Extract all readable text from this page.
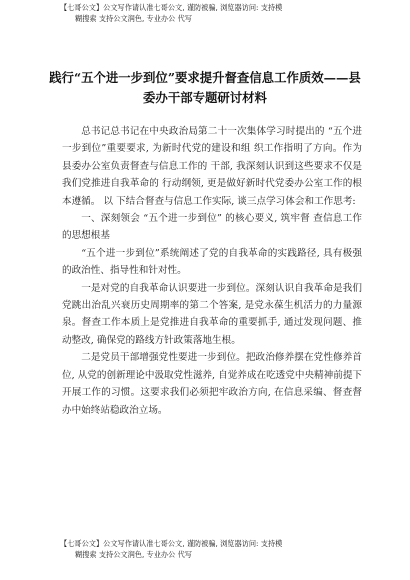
【七哥公文】公文写作请认准七哥公文, 谨防被骗, 浏览器访问: 支持模
糊搜索 支持公文润色, 专业办公 代写
践行“五个进一步到位”要求提升督查信息工作质效——县
委办干部专题研讨材料

总书记总书记在中央政治局第二十一次集体学习时提出的 “五个进一步到位”重要要求, 为新时代党的建设和组 织工作指明了方向。作为县委办公室负责督查与信息工作的 干部, 我深刻认识到这些要求不仅是我们党推进自我革命的 行动纲领, 更是做好新时代党委办公室工作的根本遵循。 以 下结合督查与信息工作实际, 谈三点学习体会和工作思考:

一、深刻领会 “五个进一步到位” 的核心要义, 筑牢督 查信息工作的思想根基

“五个进一步到位”系统阐述了党的自我革命的实践路径, 具有极强的政治性、指导性和针对性。

一是对党的自我革命认识要进一步到位。深刻认识自我革命是我们党跳出治乱兴衰历史周期率的第二个答案, 是党永葆生机活力的力量源泉。督查工作本质上是党推进自我革命的重要抓手, 通过发现问题、推动整改, 确保党的路线方针政策落地生根。

二是党员干部增强党性要进一步到位。把政治修养摆在党性修养首位, 从党的创新理论中汲取党性滋养, 自觉养成在吃透党中央精神前提下开展工作的习惯。这要求我们必须把牢政治方向, 在信息采编、督查督办中始终站稳政治立场。

【七哥公文】公文写作请认准七哥公文, 谨防被骗, 浏览器访问: 支持模
糊搜索 支持公文润色, 专业办公 代写
